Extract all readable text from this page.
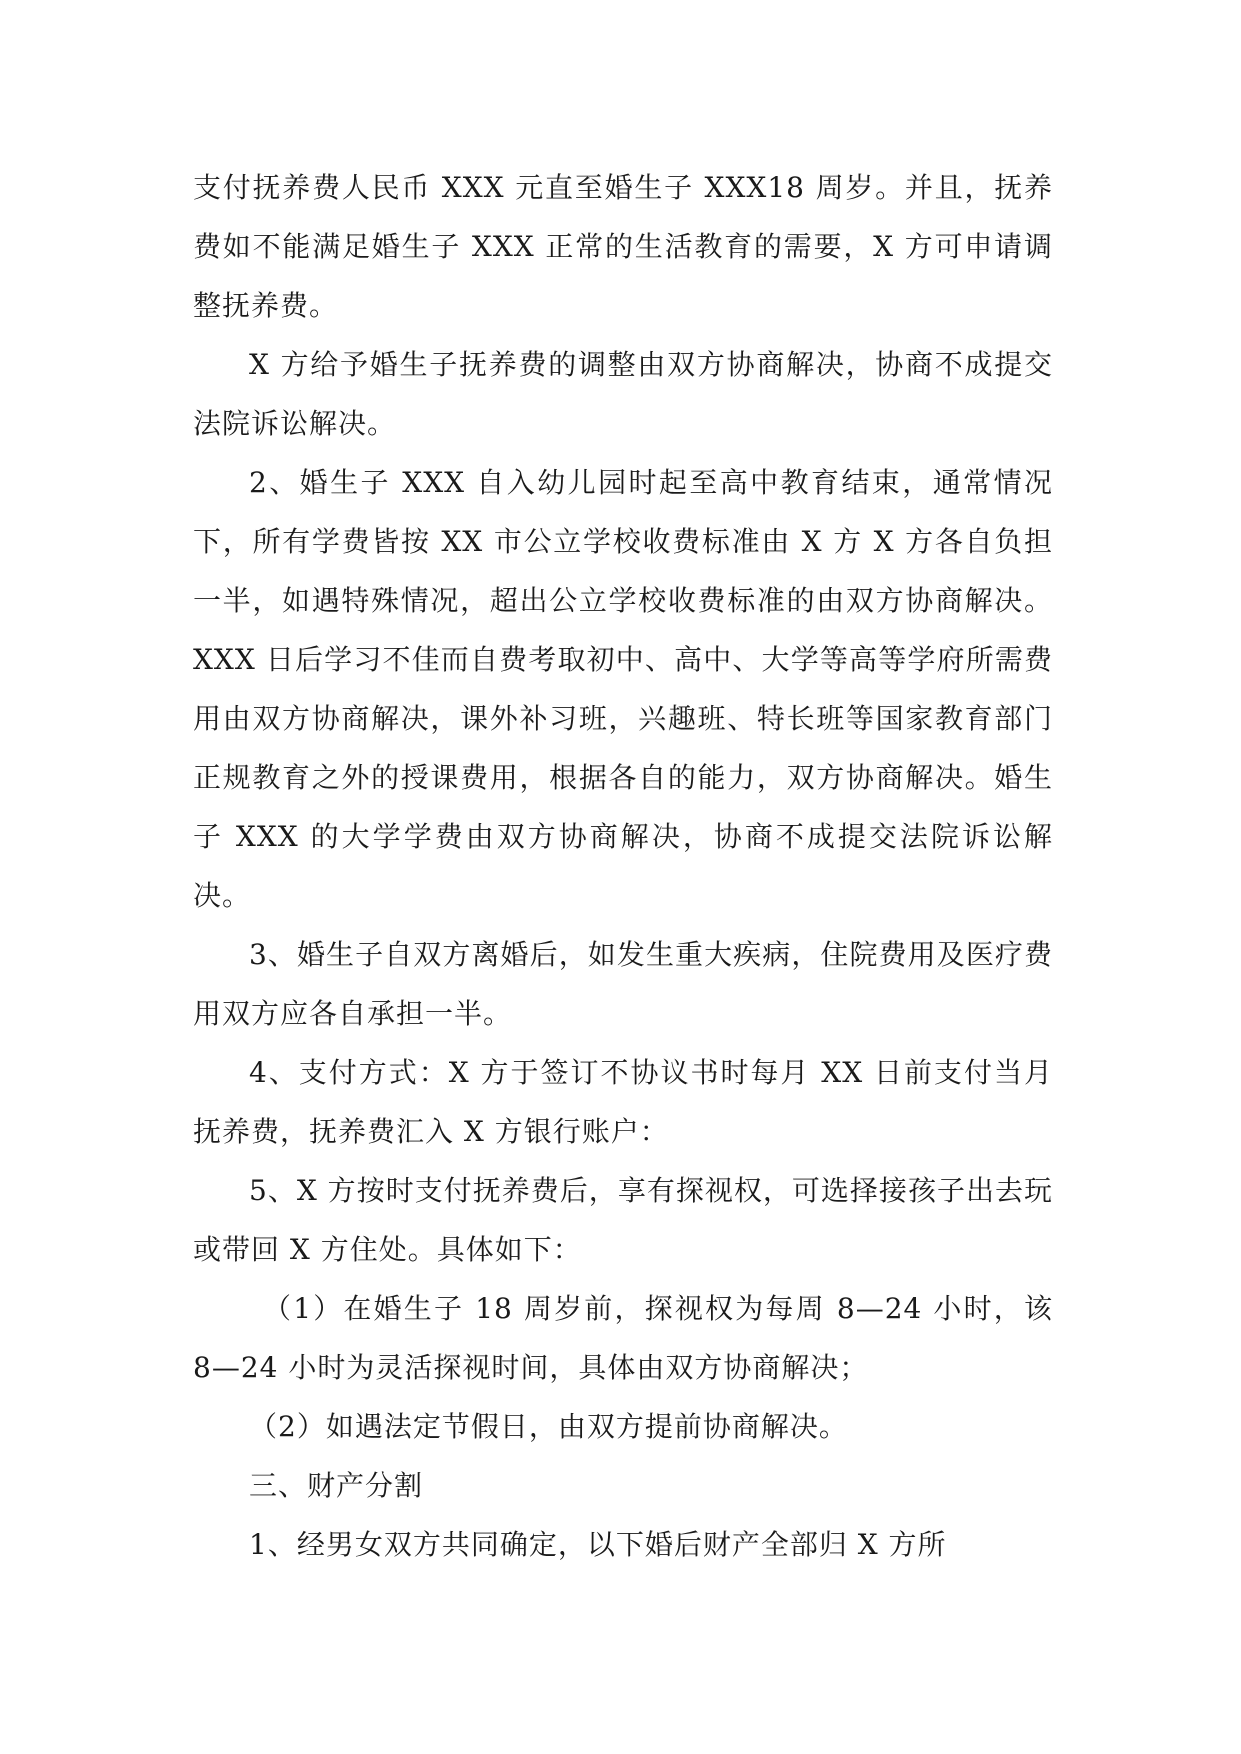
支付抚养费人民币 XXX 元直至婚生子 XXX18 周岁。并且，抚养费如不能满足婚生子 XXX 正常的生活教育的需要，X 方可申请调整抚养费。

X 方给予婚生子抚养费的调整由双方协商解决，协商不成提交法院诉讼解决。

2、婚生子 XXX 自入幼儿园时起至高中教育结束，通常情况下，所有学费皆按 XX 市公立学校收费标准由 X 方 X 方各自负担一半，如遇特殊情况，超出公立学校收费标准的由双方协商解决。XXX 日后学习不佳而自费考取初中、高中、大学等高等学府所需费用由双方协商解决，课外补习班，兴趣班、特长班等国家教育部门正规教育之外的授课费用，根据各自的能力，双方协商解决。婚生子 XXX 的大学学费由双方协商解决，协商不成提交法院诉讼解决。

3、婚生子自双方离婚后，如发生重大疾病，住院费用及医疗费用双方应各自承担一半。

4、支付方式：X 方于签订不协议书时每月 XX 日前支付当月抚养费，抚养费汇入 X 方银行账户：

5、X 方按时支付抚养费后，享有探视权，可选择接孩子出去玩或带回 X 方住处。具体如下：

（1）在婚生子 18 周岁前，探视权为每周 8—24 小时，该 8—24 小时为灵活探视时间，具体由双方协商解决；

（2）如遇法定节假日，由双方提前协商解决。

三、财产分割

1、经男女双方共同确定，以下婚后财产全部归 X 方所
